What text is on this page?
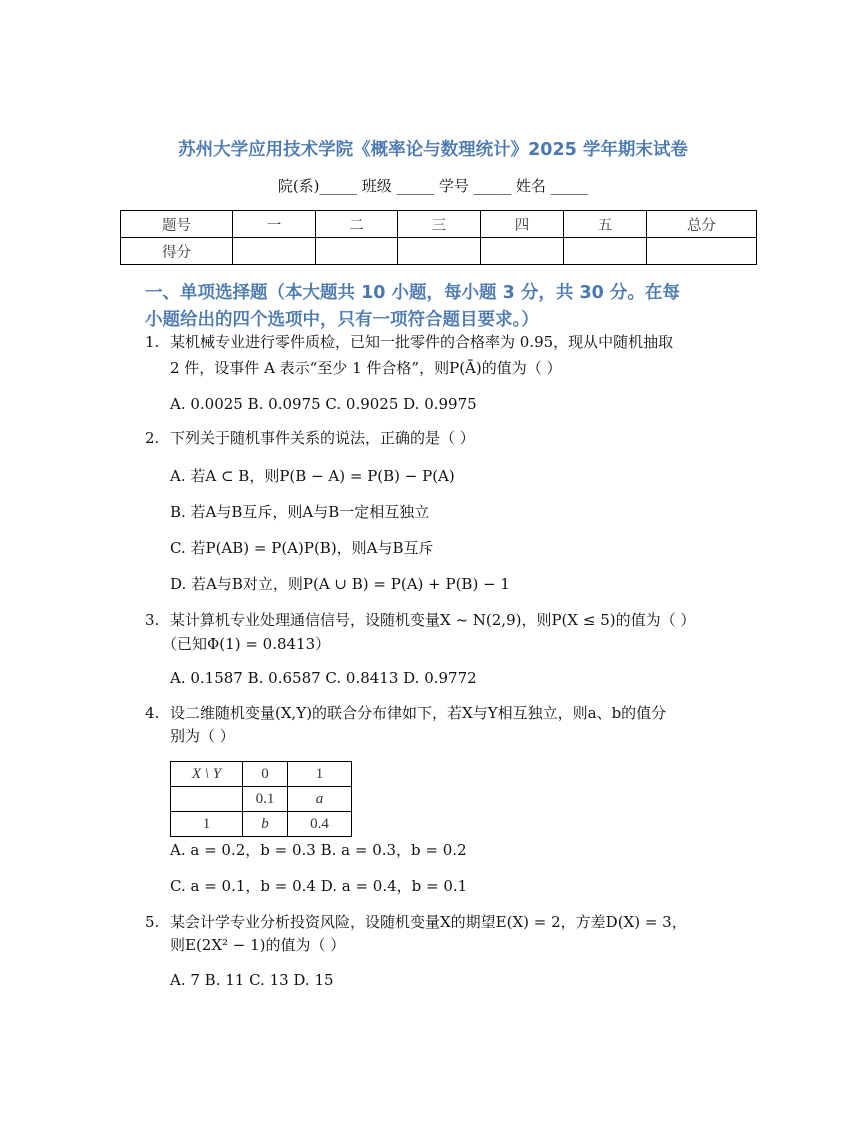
苏州大学应用技术学院《概率论与数理统计》2025 学年期末试卷
院(系)_____ 班级 _____ 学号 _____ 姓名 _____
题号	一	二	三	四	五	总分
得分						
一、单项选择题（本大题共 10 小题，每小题 3 分，共 30 分。在每
小题给出的四个选项中，只有一项符合题目要求。）
1. 某机械专业进行零件质检，已知一批零件的合格率为 0.95，现从中随机抽取
2 件，设事件 A 表示“至少 1 件合格”，则P(Ā)的值为（ ）
A. 0.0025 B. 0.0975 C. 0.9025 D. 0.9975
2. 下列关于随机事件关系的说法，正确的是（ ）
A. 若A ⊂ B，则P(B − A) = P(B) − P(A)
B. 若A与B互斥，则A与B一定相互独立
C. 若P(AB) = P(A)P(B)，则A与B互斥
D. 若A与B对立，则P(A ∪ B) = P(A) + P(B) − 1
3. 某计算机专业处理通信信号，设随机变量X ~ N(2,9)，则P(X ≤ 5)的值为（ ）
（已知Φ(1) = 0.8413）
A. 0.1587 B. 0.6587 C. 0.8413 D. 0.9772
4. 设二维随机变量(X,Y)的联合分布律如下，若X与Y相互独立，则a、b的值分
别为（ ）
X \ Y	0	1
	0.1	a
1	b	0.4
A. a = 0.2，b = 0.3 B. a = 0.3，b = 0.2
C. a = 0.1，b = 0.4 D. a = 0.4，b = 0.1
5. 某会计学专业分析投资风险，设随机变量X的期望E(X) = 2，方差D(X) = 3，
则E(2X² − 1)的值为（ ）
A. 7 B. 11 C. 13 D. 15
